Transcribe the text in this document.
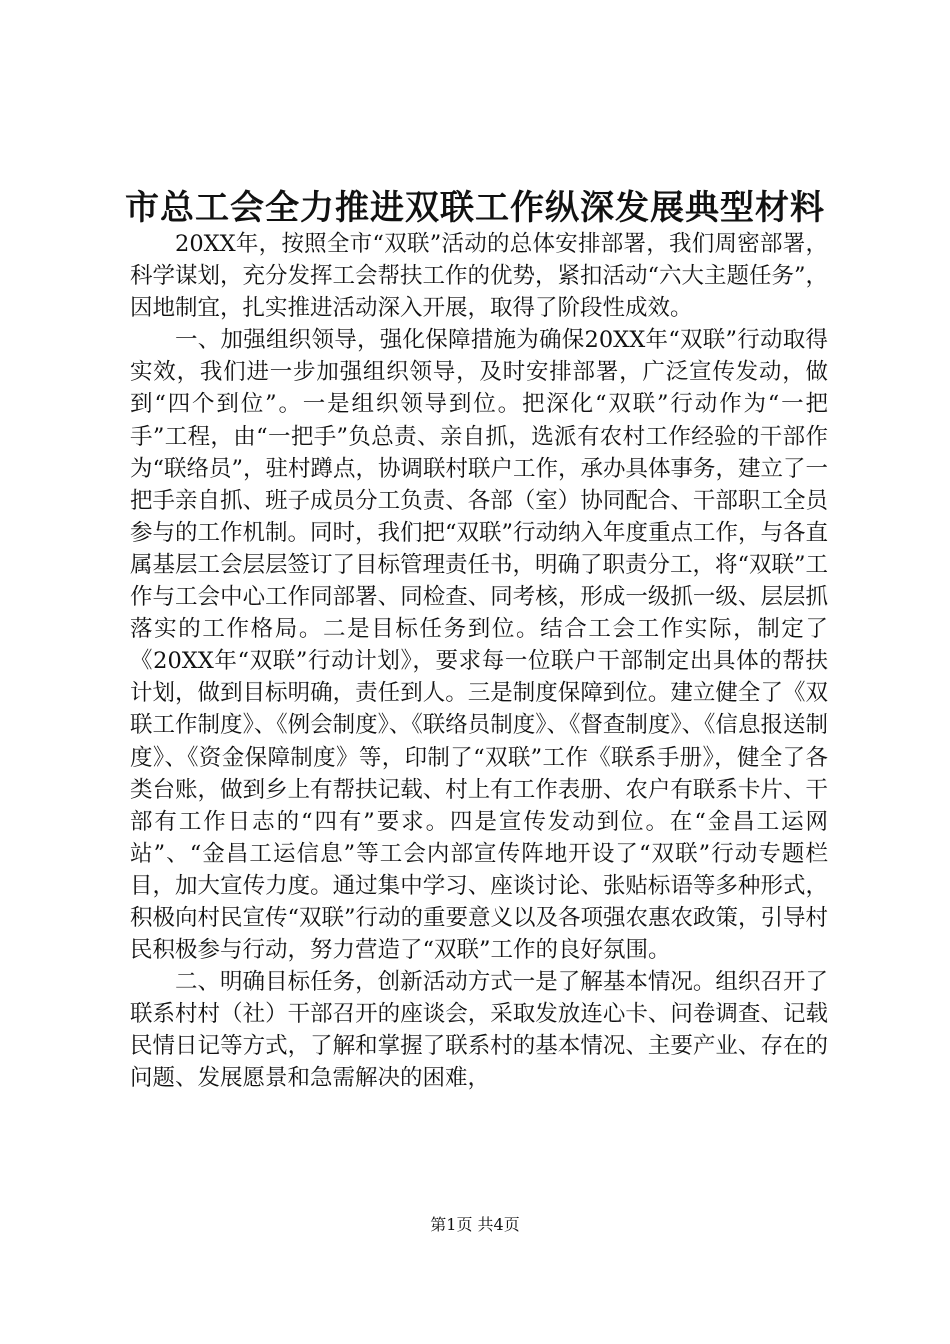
市总工会全力推进双联工作纵深发展典型材料

20XX年，按照全市“双联”活动的总体安排部署，我们周密部署，科学谋划，充分发挥工会帮扶工作的优势，紧扣活动“六大主题任务”，因地制宜，扎实推进活动深入开展，取得了阶段性成效。

一、加强组织领导，强化保障措施为确保20XX年“双联”行动取得实效，我们进一步加强组织领导，及时安排部署，广泛宣传发动，做到“四个到位”。一是组织领导到位。把深化“双联”行动作为“一把手”工程，由“一把手”负总责、亲自抓，选派有农村工作经验的干部作为“联络员”，驻村蹲点，协调联村联户工作，承办具体事务，建立了一把手亲自抓、班子成员分工负责、各部（室）协同配合、干部职工全员参与的工作机制。同时，我们把“双联”行动纳入年度重点工作，与各直属基层工会层层签订了目标管理责任书，明确了职责分工，将“双联”工作与工会中心工作同部署、同检查、同考核，形成一级抓一级、层层抓落实的工作格局。二是目标任务到位。结合工会工作实际，制定了《20XX年“双联”行动计划》，要求每一位联户干部制定出具体的帮扶计划，做到目标明确，责任到人。三是制度保障到位。建立健全了《双联工作制度》、《例会制度》、《联络员制度》、《督查制度》、《信息报送制度》、《资金保障制度》等，印制了“双联”工作《联系手册》，健全了各类台账，做到乡上有帮扶记载、村上有工作表册、农户有联系卡片、干部有工作日志的“四有”要求。四是宣传发动到位。在“金昌工运网站”、“金昌工运信息”等工会内部宣传阵地开设了“双联”行动专题栏目，加大宣传力度。通过集中学习、座谈讨论、张贴标语等多种形式，积极向村民宣传“双联”行动的重要意义以及各项强农惠农政策，引导村民积极参与行动，努力营造了“双联”工作的良好氛围。

二、明确目标任务，创新活动方式一是了解基本情况。组织召开了联系村村（社）干部召开的座谈会，采取发放连心卡、问卷调查、记载民情日记等方式，了解和掌握了联系村的基本情况、主要产业、存在的问题、发展愿景和急需解决的困难，

第1页 共4页
